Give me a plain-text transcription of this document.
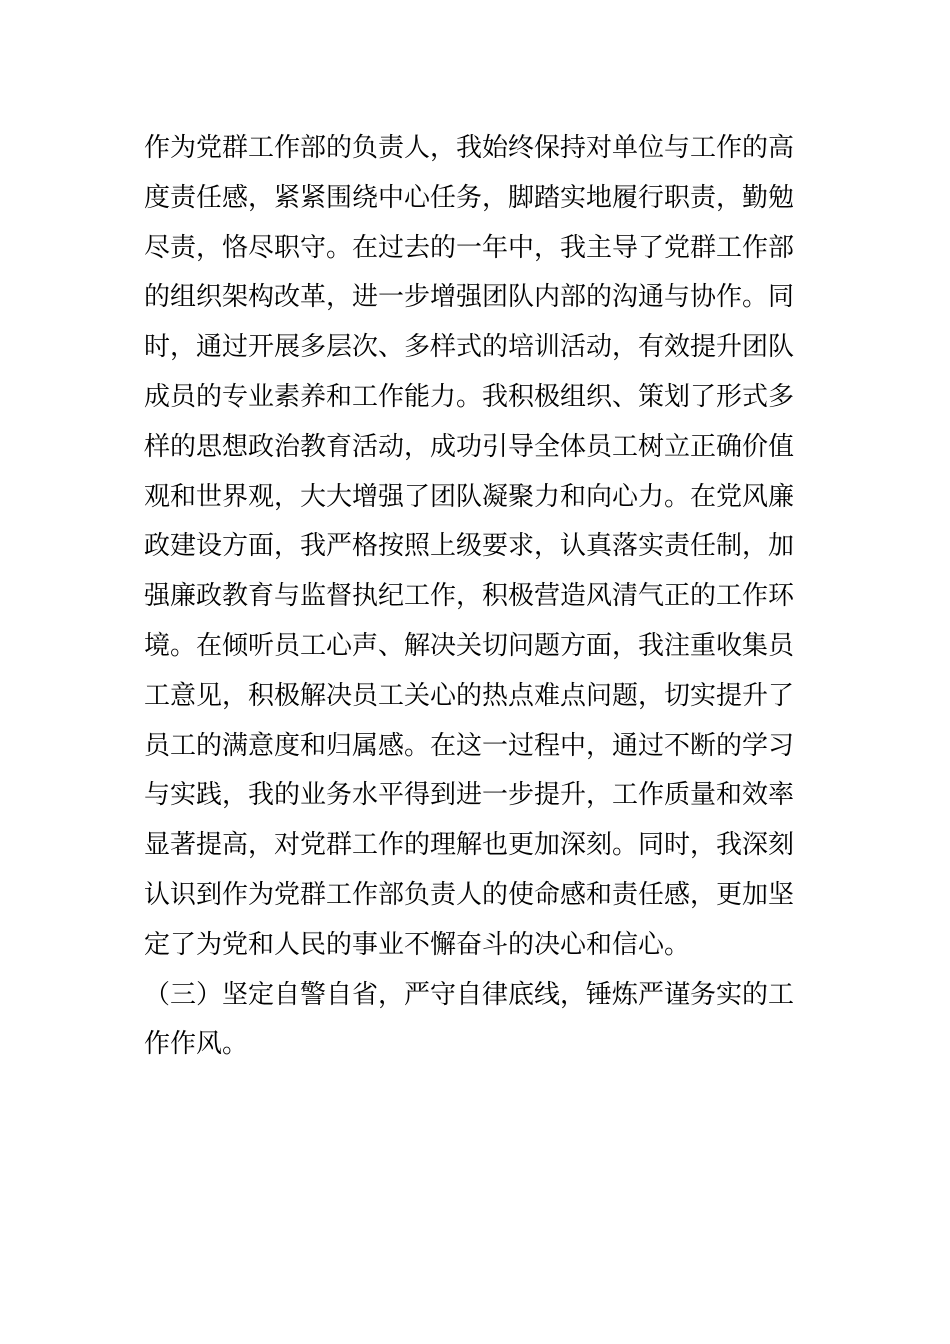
作为党群工作部的负责人，我始终保持对单位与工作的高
度责任感，紧紧围绕中心任务，脚踏实地履行职责，勤勉
尽责，恪尽职守。在过去的一年中，我主导了党群工作部
的组织架构改革，进一步增强团队内部的沟通与协作。同
时，通过开展多层次、多样式的培训活动，有效提升团队
成员的专业素养和工作能力。我积极组织、策划了形式多
样的思想政治教育活动，成功引导全体员工树立正确价值
观和世界观，大大增强了团队凝聚力和向心力。在党风廉
政建设方面，我严格按照上级要求，认真落实责任制，加
强廉政教育与监督执纪工作，积极营造风清气正的工作环
境。在倾听员工心声、解决关切问题方面，我注重收集员
工意见，积极解决员工关心的热点难点问题，切实提升了
员工的满意度和归属感。在这一过程中，通过不断的学习
与实践，我的业务水平得到进一步提升，工作质量和效率
显著提高，对党群工作的理解也更加深刻。同时，我深刻
认识到作为党群工作部负责人的使命感和责任感，更加坚
定了为党和人民的事业不懈奋斗的决心和信心。
（三）坚定自警自省，严守自律底线，锤炼严谨务实的工
作作风。
